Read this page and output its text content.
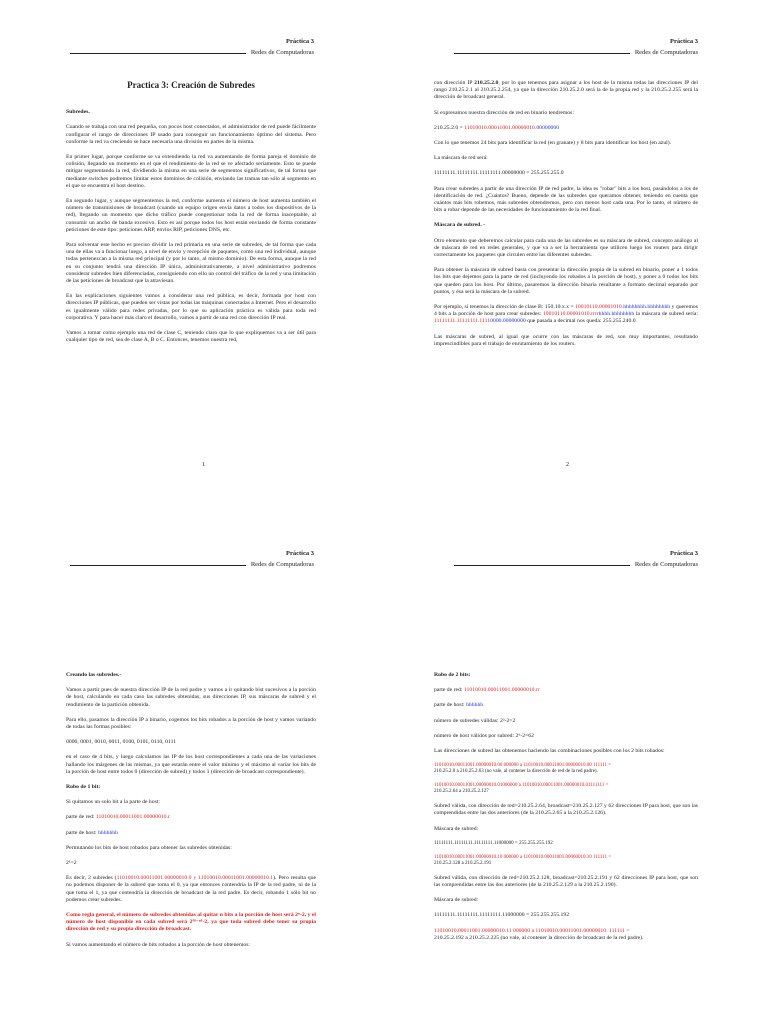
Práctica 3
Redes de Computadoras
Practica 3: Creación de Subredes

Subredes.

Cuando se trabaja con una red pequeña, con pocos host conectados, el administrador de red puede fácilmente configurar el rango de direcciones IP usado para conseguir un funcionamiento óptimo del sistema. Pero conforme la red va creciendo se hace necesaria una división en partes de la misma.

En primer lugar, porque conforme se va extendiendo la red va aumentando de forma pareja el dominio de colisión, llegando un momento en el que el rendimiento de la red se ve afectado seriamente. Esto se puede mitigar segmentando la red, dividiendo la misma en una serie de segmentos significativos, de tal forma que mediante switches podremos limitar estos dominios de colisión, enviando las tramas tan sólo al segmento en el que se encuentra el host destino.

En segundo lugar, y aunque segmentemos la red, conforme aumenta el número de host aumenta también el número de transmisiones de broadcast (cuando un equipo origen envía datos a todos los dispositivos de la red), llegando un momento que dicho tráfico puede congestionar toda la red de forma inaceptable, al consumir un ancho de banda excesivo. Esto es así porque todos los host están enviando de forma constante peticiones de este tipo: peticiones ARP, envíos RIP, peticiones DNS, etc.

Para solventar este hecho es preciso dividir la red primaria en una serie de subredes, de tal forma que cada una de ellas va a funcionar luego, a nivel de envío y recepción de paquetes, como una red individual, aunque todas pertenezcan a la misma red principal (y por lo tanto, al mismo dominio). De esta forma, aunque la red en su conjunto tendrá una dirección IP única, administrativamente, a nivel administrativo podremos considerar subredes bien diferenciadas, consiguiendo con ello un control del tráfico de la red y una limitación de las peticiones de broadcast que la atraviesan.

En las explicaciones siguientes vamos a considerar una red pública, es decir, formada por host con direcciones IP públicas, que pueden ser vistas por todas las máquinas conectadas a Internet. Pero el desarrollo es igualmente válido para redes privadas, por lo que su aplicación práctica es válida para toda red corporativa. Y para hacer más claro el desarrollo, vamos a partir de una red con dirección IP real.

Vamos a tomar como ejemplo una red de clase C, teniendo claro que lo que expliquemos va a ser útil para cualquier tipo de red, sea de clase A, B o C. Entonces, tenemos nuestra red,

1
Práctica 3
Redes de Computadoras

con dirección IP 210.25.2.0, por lo que tenemos para asignar a los host de la misma todas las direcciones IP del rango 210.25.2.1 al 210.25.2.254, ya que la dirección 210.25.2.0 será la de la propia red y la 210.25.2.255 será la dirección de broadcast general.

Si expresamos nuestra dirección de red en binario tendremos:

210.25.2.0 = 11010010.00011001.00000010.00000000

Con lo que tenemos 24 bits para identificar la red (en granate) y 8 bits para identificar los host (en azul).

La máscara de red será:

11111111.11111111.11111111.00000000 = 255.255.255.0

Para crear subredes a partir de una dirección IP de red padre, la idea es "robar" bits a los host, pasándolos a los de identificación de red. ¿Cuántos? Bueno, depende de las subredes que queramos obtener, teniendo en cuenta que cuántos más bits robemos, más subredes obtendremos, pero con menos host cada una. Por lo tanto, el número de bits a robar depende de las necesidades de funcionamiento de la red final.

Máscara de subred. -

Otro elemento que deberemos calcular para cada una de las subredes es su máscara de subred, concepto análogo al de máscara de red en redes generales, y que va a ser la herramienta que utilicen luego los routers para dirigir correctamente los paquetes que circulen entre las diferentes subredes.

Para obtener la máscara de subred basta con presentar la dirección propia de la subred en binario, poner a 1 todos los bits que dejemos para la parte de red (incluyendo los robados a la porción de host), y poner a 0 todos los bits que queden para los host. Por último, pasaremos la dirección binaria resultante a formato decimal separado por puntos, y ésa será la máscara de la subred.

Por ejemplo, si tenemos la dirección de clase B: 150.10.x.x = 10010110.00001010.hhhhhhhh.hhhhhhhh y queremos 4 bits a la porción de host para crear subredes: 10010110.00001010.rrrrhhhh.hhhhhhhh la máscara de subred sería: 11111111.11111111.11110000.00000000 que pasada a decimal nos queda: 255.255.240.0

Las máscaras de subred, al igual que ocurre con las máscaras de red, son muy importantes, resultando imprescindibles para el trabajo de enrutamiento de los routers.

2
Práctica 3
Redes de Computadoras

Creando las subredes.-

Vamos a partir pues de nuestra dirección IP de la red padre y vamos a ir quitando bist sucesivos a la porción de host, calculando en cada caso las subredes obtenidas, sus direcciones IP, sus máscaras de subred y el rendimiento de la partición obtenida.

Para ello, pasamos la dirección IP a binario, cogemos los bits robados a la porción de host y vamos variando de todas las formas posibles:

0000, 0001, 0010, 0011, 0100, 0101, 0110, 0111

en el caso de 4 bits, y luego calculamos las IP de los host correspondientes a cada una de las variaciones hallando los márgenes de las mismas, ya que estarán entre el valor mínimo y el máximo al variar los bits de la porción de host entre todos 0 (dirección de subred) y todos 1 (dirección de broadcast correspondiente).

Robo de 1 bit:

Si quitamos un solo bit a la parte de host:

parte de red: 11010010.00011001.00000010.r

parte de host: hhhhhhh

Permutando los bits de host robados para obtener las subredes obtenidas:

2¹=2

Es decir, 2 subredes (11010010.00011001.00000010.0 y 11010010.00011001.00000010.1). Pero resulta que no podemos disponer de la subred que toma el 0, ya que entonces contendría la IP de la red padre, ni de la que toma el 1, ya que contendría la dirección de broadcast de la red padre. Es decir, robando 1 sólo bit no podemos crear subredes.

Como regla general, el número de subredes obtenidas al quitar n bits a la porción de host será 2ⁿ-2, y el número de host disponible en cada subred será 2⁽⁸⁻ⁿ⁾-2, ya que toda subred debe tener su propia dirección de red y su propia dirección de broadcast.

Si vamos aumentando el número de bits robados a la porción de host obtenemos:

Práctica 3
Redes de Computadoras

Robo de 2 bits:

parte de red: 11010010.00011001.00000010.rr

parte de host: hhhhhh

número de subredes válidas: 2²-2=2

número de host válidos por subred: 2⁶-2=62

Las direcciones de subred las obtenemos haciendo las combinaciones posibles con los 2 bits robados:

11010010.00011001.00000010.00 000000 a 11010010.00011001.00000010.00 111111 =
210.25.2.0 a 210.25.2.63 (no vale, al contener la dirección de red de la red padre).

11010010.00011001.00000010.01000000 a 11010010.00011001.00000010.01111111 =
210.25.2.64 a 210.25.2.127

Subred válida, con dirección de red=210.25.2.64, broadcast=210.25.2.127 y 62 direcciones IP para host, que son las comprendidas entre las dos anteriores (de la 210.25.2.65 a la 210.25.2.126).

Máscara de subred:

11111111.11111111.11111111.11000000 = 255.255.255.192

11010010.00011001.00000010.10 000000 a 11010010.00011001.00000010.10 111111 =
210.25.2.128 a 210.25.2.191

Subred válida, con dirección de red=210.25.2.128, broadcast=210.25.2.191 y 62 direcciones IP para host, que son las comprendidas entre las dos anteriores (de la 210.25.2.129 a la 210.25.2.190).

Máscara de subred:

11111111.11111111.11111111.11000000 = 255.255.255.192

11010010.00011001.00000010.11 000000 a 11010010.00011001.00000010. 111111 =
210.25.2.192 a 210.25.2.225 (no vale, al contener la dirección de broadcast de la red padre).
